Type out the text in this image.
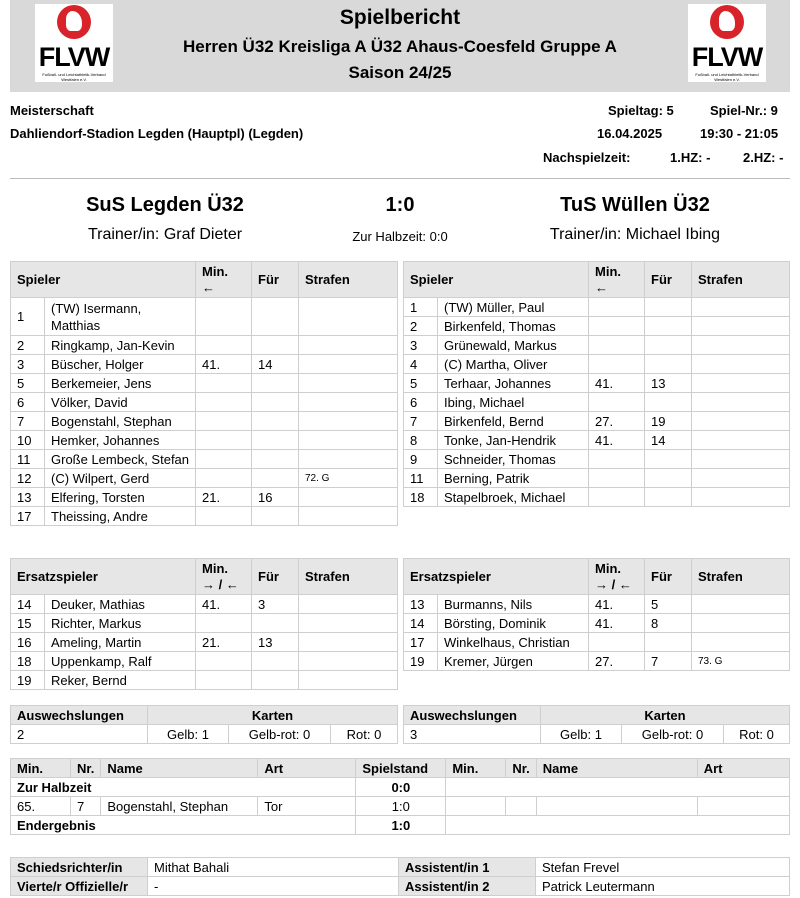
FLVW
Fußball- und Leichtathletik-Verband Westfalen e.V.
Spielbericht
Herren Ü32 Kreisliga A Ü32 Ahaus-Coesfeld Gruppe A
Saison 24/25
FLVW
Fußball- und Leichtathletik-Verband Westfalen e.V.
Meisterschaft
Dahliendorf-Stadion Legden (Hauptpl) (Legden)
Spieltag: 5	Spiel-Nr.: 9
16.04.2025	19:30 - 21:05
Nachspielzeit:	1.HZ: -	2.HZ: -
SuS Legden Ü32	1:0	TuS Wüllen Ü32
Trainer/in: Graf Dieter	Zur Halbzeit: 0:0	Trainer/in: Michael Ibing
Spieler		Min.
←	Für	Strafen
1	(TW) Isermann, Matthias			
2	Ringkamp, Jan-Kevin			
3	Büscher, Holger	41.	14	
5	Berkemeier, Jens			
6	Völker, David			
7	Bogenstahl, Stephan			
10	Hemker, Johannes			
11	Große Lembeck, Stefan			
12	(C) Wilpert, Gerd			72. G
13	Elfering, Torsten	21.	16	
17	Theissing, Andre			
Spieler		Min.
←	Für	Strafen
1	(TW) Müller, Paul			
2	Birkenfeld, Thomas			
3	Grünewald, Markus			
4	(C) Martha, Oliver			
5	Terhaar, Johannes	41.	13	
6	Ibing, Michael			
7	Birkenfeld, Bernd	27.	19	
8	Tonke, Jan-Hendrik	41.	14	
9	Schneider, Thomas			
11	Berning, Patrik			
18	Stapelbroek, Michael			
Ersatzspieler		Min.
→ / ←	Für	Strafen
14	Deuker, Mathias	41.	3	
15	Richter, Markus			
16	Ameling, Martin	21.	13	
18	Uppenkamp, Ralf			
19	Reker, Bernd			
Ersatzspieler		Min.
→ / ←	Für	Strafen
13	Burmanns, Nils	41.	5	
14	Börsting, Dominik	41.	8	
17	Winkelhaus, Christian			
19	Kremer, Jürgen	27.	7	73. G
Auswechslungen	Karten		
2	Gelb: 1	Gelb-rot: 0	Rot: 0
Auswechslungen	Karten		
3	Gelb: 1	Gelb-rot: 0	Rot: 0
Min.	Nr.	Name	Art	Spielstand	Min.	Nr.	Name	Art
Zur Halbzeit				0:0				
65.	7	Bogenstahl, Stephan	Tor	1:0				
Endergebnis				1:0				
Schiedsrichter/in	Mithat Bahali	Assistent/in 1	Stefan Frevel
Vierte/r Offizielle/r	-	Assistent/in 2	Patrick Leutermann
